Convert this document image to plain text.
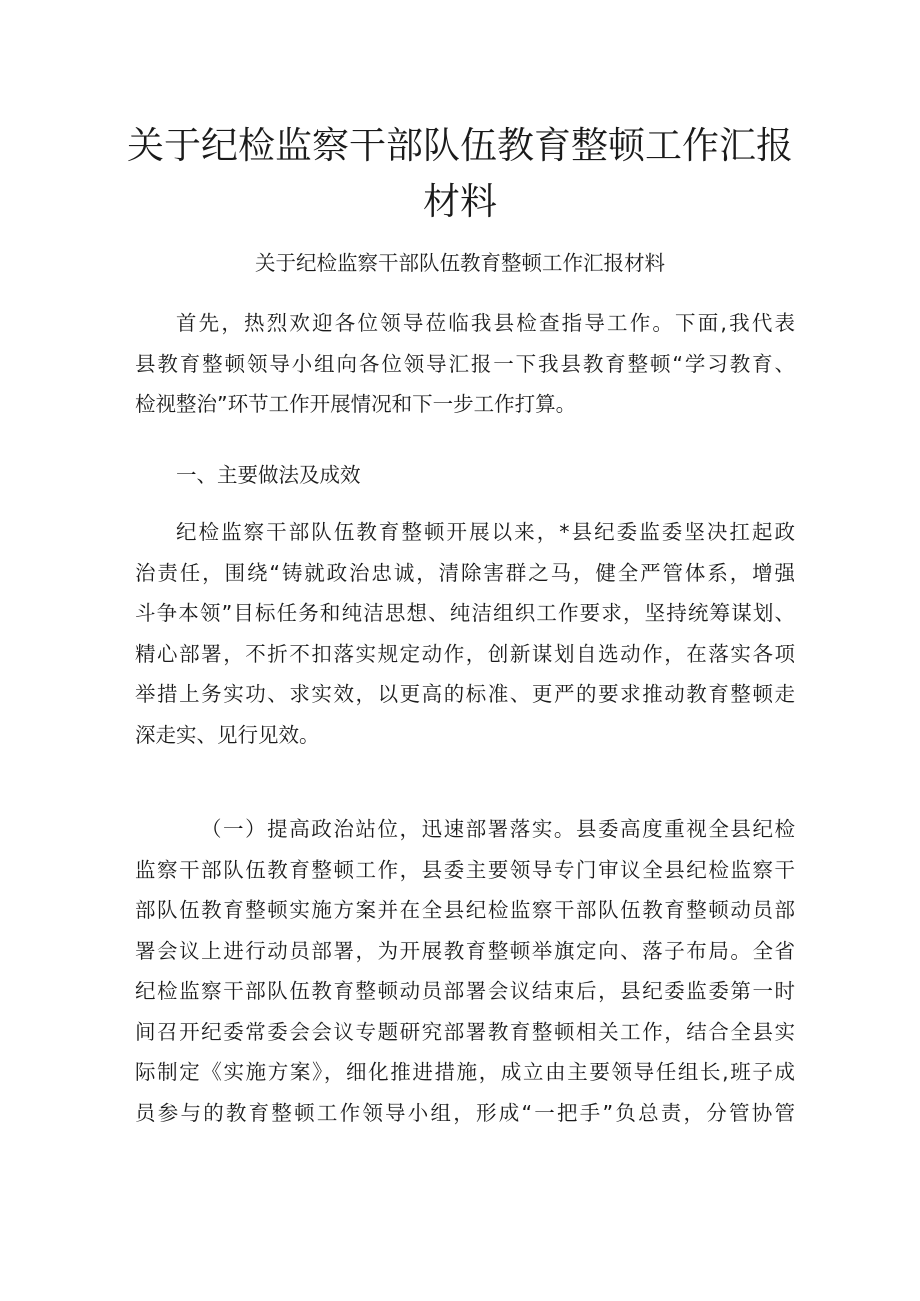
关于纪检监察干部队伍教育整顿工作汇报
材料

关于纪检监察干部队伍教育整顿工作汇报材料

首先，热烈欢迎各位领导莅临我县检查指导工作。下面,我代表
县教育整顿领导小组向各位领导汇报一下我县教育整顿“学习教育、
检视整治”环节工作开展情况和下一步工作打算。
一、主要做法及成效
纪检监察干部队伍教育整顿开展以来，*县纪委监委坚决扛起政
治责任，围绕“铸就政治忠诚，清除害群之马，健全严管体系，增强
斗争本领”目标任务和纯洁思想、纯洁组织工作要求，坚持统筹谋划、
精心部署，不折不扣落实规定动作，创新谋划自选动作，在落实各项
举措上务实功、求实效，以更高的标准、更严的要求推动教育整顿走
深走实、见行见效。
（一）提高政治站位，迅速部署落实。县委高度重视全县纪检
监察干部队伍教育整顿工作，县委主要领导专门审议全县纪检监察干
部队伍教育整顿实施方案并在全县纪检监察干部队伍教育整顿动员部
署会议上进行动员部署，为开展教育整顿举旗定向、落子布局。全省
纪检监察干部队伍教育整顿动员部署会议结束后，县纪委监委第一时
间召开纪委常委会会议专题研究部署教育整顿相关工作，结合全县实
际制定《实施方案》，细化推进措施，成立由主要领导任组长,班子成
员参与的教育整顿工作领导小组，形成“一把手”负总责，分管协管
